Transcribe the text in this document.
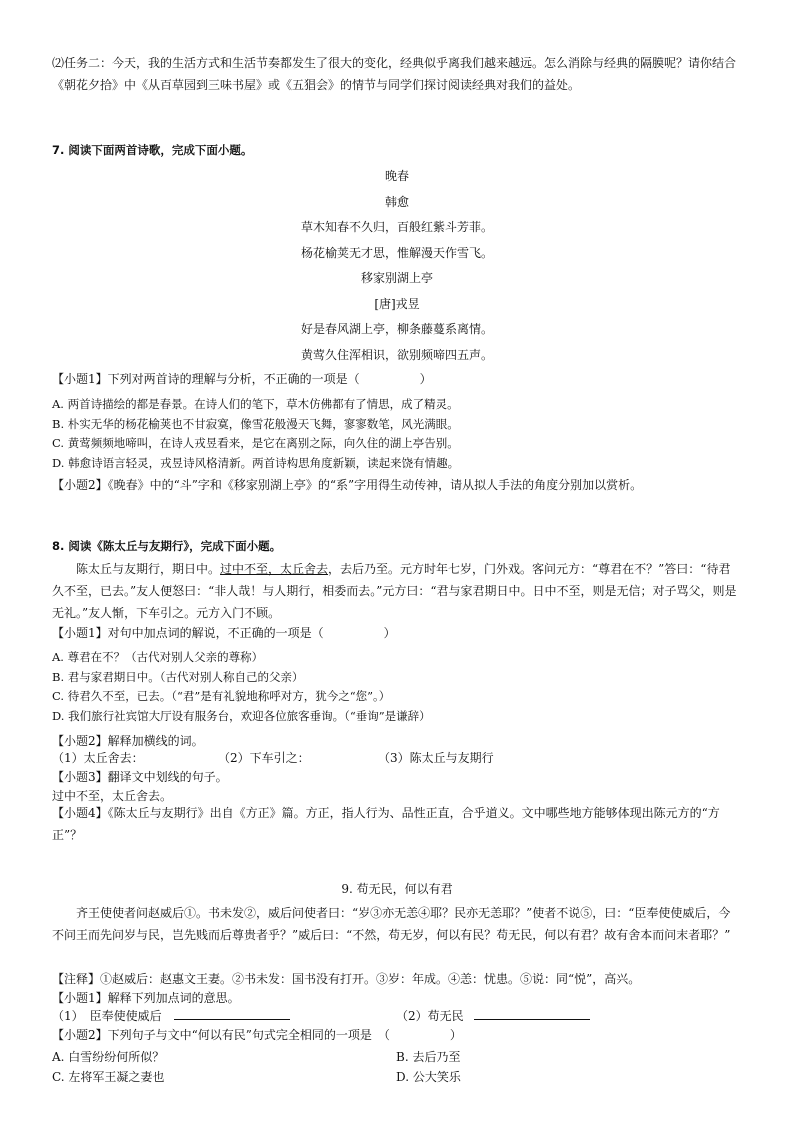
⑵任务二：今天，我的生活方式和生活节奏都发生了很大的变化，经典似乎离我们越来越远。怎么消除与经典的隔膜呢？请你结合《朝花夕拾》中《从百草园到三味书屋》或《五猖会》的情节与同学们探讨阅读经典对我们的益处。

7. 阅读下面两首诗歌，完成下面小题。

晚春

韩愈

草木知春不久归，百般红紫斗芳菲。

杨花榆荚无才思，惟解漫天作雪飞。

移家别湖上亭

[唐]戎昱

好是春风湖上亭，柳条藤蔓系离情。

黄莺久住浑相识，欲别频啼四五声。

【小题1】下列对两首诗的理解与分析，不正确的一项是（　　　　　）

A. 两首诗描绘的都是春景。在诗人们的笔下，草木仿佛都有了情思，成了精灵。

B. 朴实无华的杨花榆荚也不甘寂寞，像雪花般漫天飞舞，寥寥数笔，风光满眼。

C. 黄莺频频地啼叫，在诗人戎昱看来，是它在离别之际，向久住的湖上亭告别。

D. 韩愈诗语言轻灵，戎昱诗风格清新。两首诗构思角度新颖，读起来饶有情趣。

【小题2】《晚春》中的“斗”字和《移家别湖上亭》的“系”字用得生动传神，请从拟人手法的角度分别加以赏析。

8. 阅读《陈太丘与友期行》，完成下面小题。

陈太丘与友期行，期日中。过中不至，太丘舍去，去后乃至。元方时年七岁，门外戏。客问元方：“尊君在不？”答曰：“待君久不至，已去。”友人便怒曰：“非人哉！与人期行，相委而去。”元方曰：“君与家君期日中。日中不至，则是无信；对子骂父，则是无礼。”友人惭，下车引之。元方入门不顾。

【小题1】对句中加点词的解说，不正确的一项是（　　　　　）

A. 尊君在不？（古代对别人父亲的尊称）

B. 君与家君期日中。（古代对别人称自己的父亲）

C. 待君久不至，已去。（“君”是有礼貌地称呼对方，犹今之“您”。）

D. 我们旅行社宾馆大厅设有服务台，欢迎各位旅客垂询。（“垂询”是谦辞）

【小题2】解释加横线的词。

（1）太丘舍去：	（2）下车引之：	（3）陈太丘与友期行

【小题3】翻译文中划线的句子。

过中不至，太丘舍去。

【小题4】《陈太丘与友期行》出自《方正》篇。方正，指人行为、品性正直，合乎道义。文中哪些地方能够体现出陈元方的“方正”？

9. 苟无民，何以有君

齐王使使者问赵威后①。书未发②，威后问使者曰：“岁③亦无恙④耶？民亦无恙耶？”使者不说⑤，曰：“臣奉使使威后，今不问王而先问岁与民，岂先贱而后尊贵者乎？”威后曰：“不然，苟无岁，何以有民？苟无民，何以有君？故有舍本而问末者耶？”

【注释】①赵威后：赵惠文王妻。②书未发：国书没有打开。③岁：年成。④恙：忧患。⑤说：同“悦”，高兴。

【小题1】解释下列加点词的意思。

（1）　臣奉使使威后	（2）苟无民

【小题2】下列句子与文中“何以有民”句式完全相同的一项是　（　　　　　）

A. 白雪纷纷何所似？	B. 去后乃至
C. 左将军王凝之妻也	D. 公大笑乐
